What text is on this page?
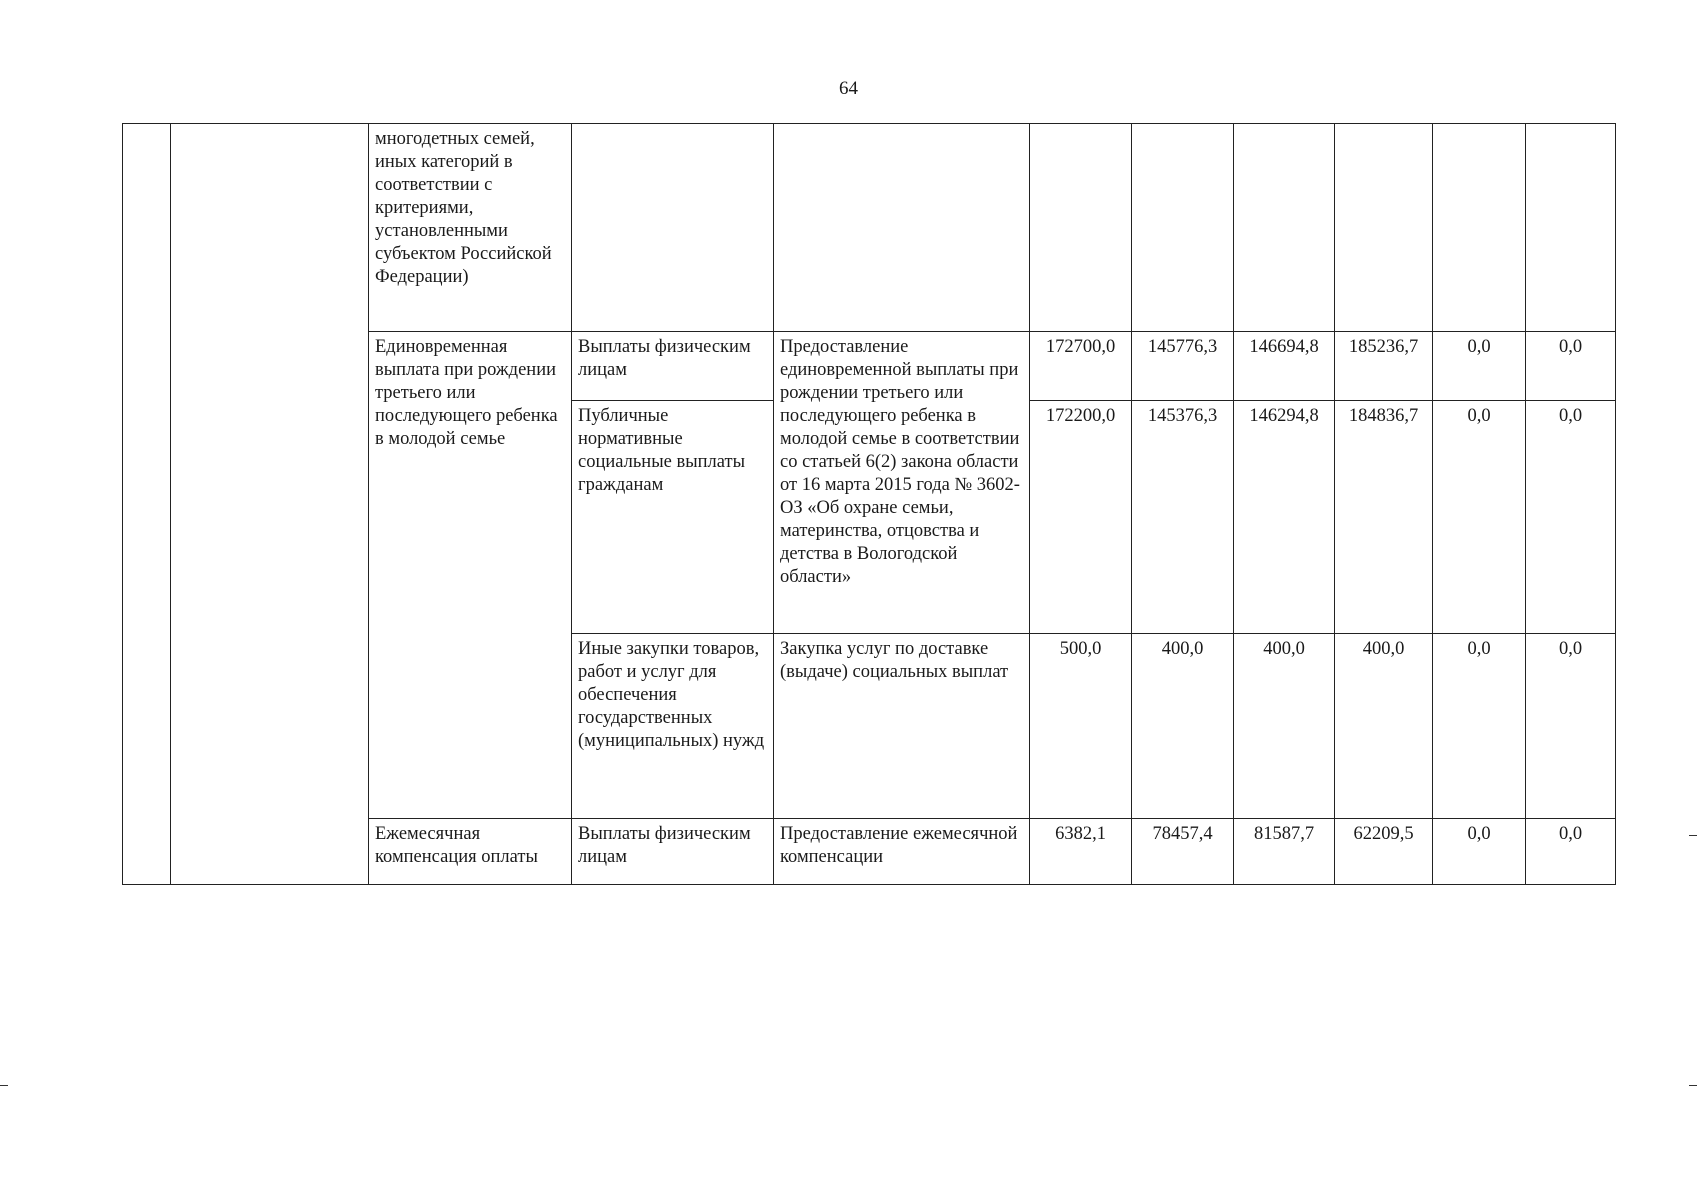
64
		многодетных семей, иных категорий в соответствии с критериями, установленными субъектом Российской Федерации)								
		Единовременная выплата при рождении третьего или последующего ребенка в молодой семье	Выплаты физическим лицам	Предоставление единовременной выплаты при рождении третьего или последующего ребенка в молодой семье в соответствии со статьей 6(2) закона области от 16 марта 2015 года № 3602-ОЗ «Об охране семьи, материнства, отцовства и детства в Вологодской области»	172700,0	145776,3	146694,8	185236,7	0,0	0,0
			Публичные нормативные социальные выплаты гражданам		172200,0	145376,3	146294,8	184836,7	0,0	0,0
			Иные закупки товаров, работ и услуг для обеспечения государственных (муниципальных) нужд	Закупка услуг по доставке (выдаче) социальных выплат	500,0	400,0	400,0	400,0	0,0	0,0
		Ежемесячная компенсация оплаты	Выплаты физическим лицам	Предоставление ежемесячной компенсации	6382,1	78457,4	81587,7	62209,5	0,0	0,0
